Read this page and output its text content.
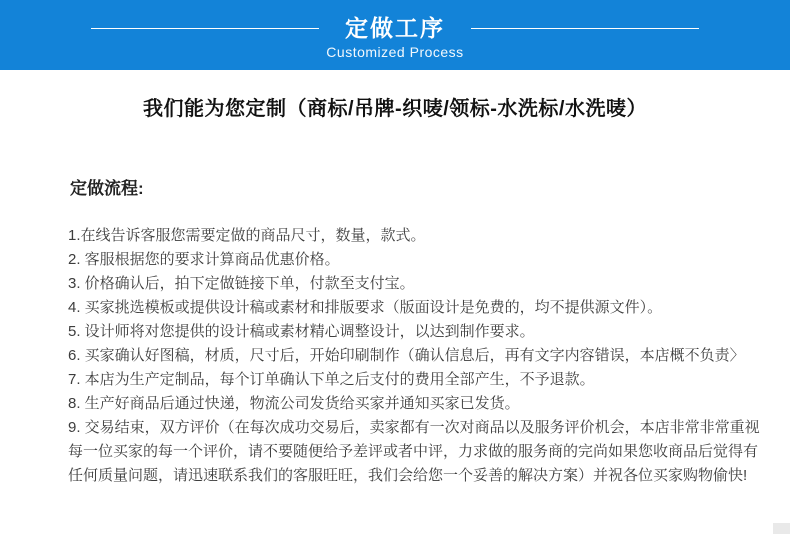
定做工序
Customized Process
我们能为您定制（商标/吊牌-织唛/领标-水洗标/水洗唛）
定做流程:
1.在线告诉客服您需要定做的商品尺寸，数量，款式。
2. 客服根据您的要求计算商品优惠价格。
3. 价格确认后，拍下定做链接下单，付款至支付宝。
4. 买家挑选模板或提供设计稿或素材和排版要求（版面设计是免费的，均不提供源文件）。
5. 设计师将对您提供的设计稿或素材精心调整设计，以达到制作要求。
6. 买家确认好图稿，材质，尺寸后，开始印刷制作（确认信息后，再有文字内容错误，本店概不负责〉
7. 本店为生产定制品，每个订单确认下单之后支付的费用全部产生，不予退款。
8. 生产好商品后通过快递，物流公司发货给买家并通知买家已发货。
9. 交易结束，双方评价（在每次成功交易后，卖家都有一次对商品以及服务评价机会，本店非常非常重视每一位买家的每一个评价，请不要随便给予差评或者中评，力求做的服务商的完尚如果您收商品后觉得有任何质量问题，请迅速联系我们的客服旺旺，我们会给您一个妥善的解决方案）并祝各位买家购物偷快!
